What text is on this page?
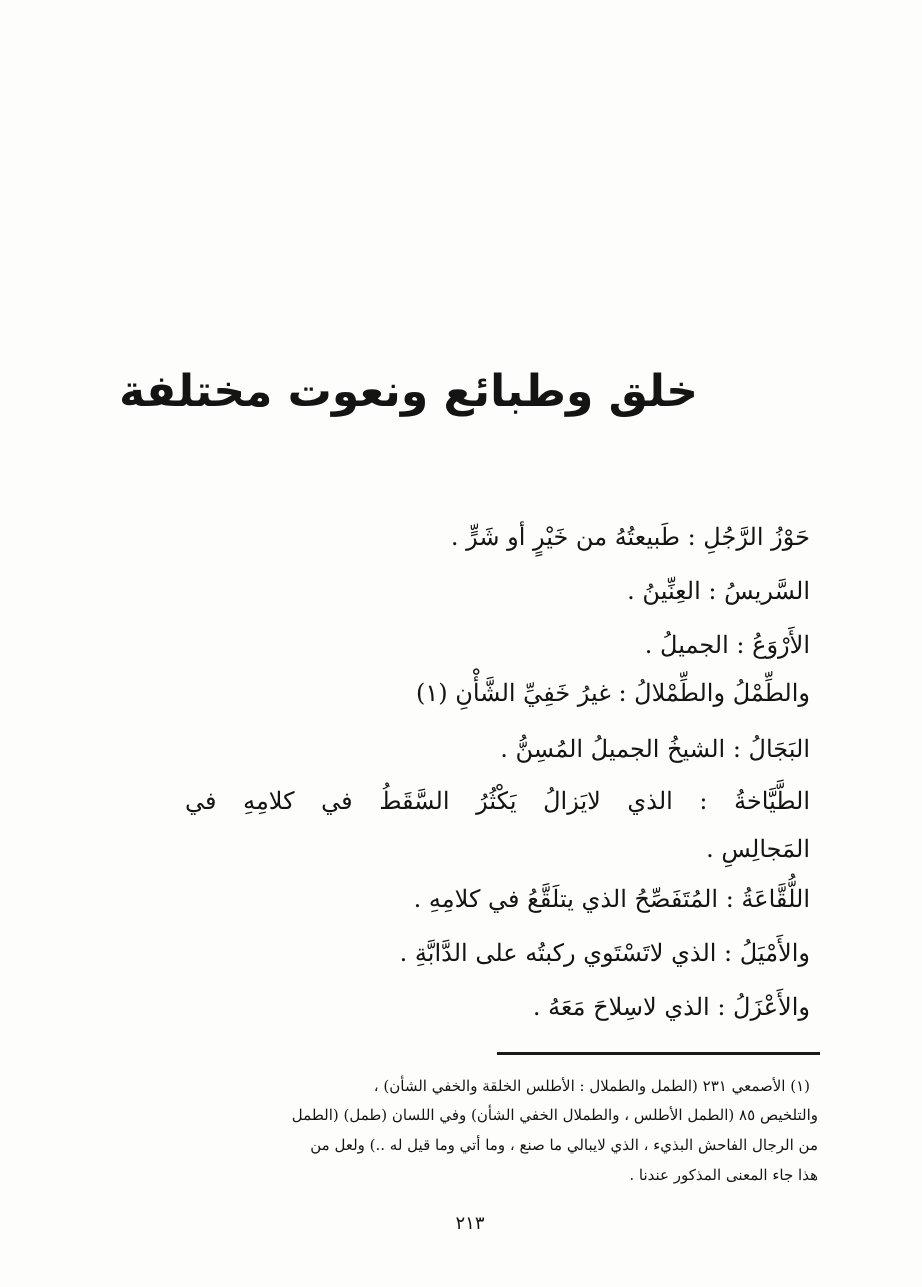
خلق وطبائع ونعوت مختلفة
حَوْزُ الرَّجُلِ : طَبيعتُهُ من خَيْرٍ أو شَرٍّ .
السَّريسُ : العِنِّينُ .
الأَرْوَعُ : الجميلُ .
والطِّمْلُ والطِّمْلالُ : غيرُ خَفِيِّ الشَّأْنِ (١)
البَجَالُ : الشيخُ الجميلُ المُسِنُّ .
الطَّيَّاخةُ : الذي لايَزالُ يَكْثُرُ السَّقَطُ في كلامِهِ في
المَجالِسِ .
اللُّقَّاعَةُ : المُتَفَصِّحُ الذي يتلَقَّعُ في كلامِهِ .
والأَمْيَلُ : الذي لاتَسْتَوي ركبتُه على الدَّابَّةِ .
والأَعْزَلُ : الذي لاسِلاحَ مَعَهُ .
(١) الأصمعي ٢٣١ (الطمل والطملال : الأطلس الخلقة والخفي الشأن) ،
والتلخيص ٨٥ (الطمل الأطلس ، والطملال الخفي الشأن) وفي اللسان (طمل) (الطمل
من الرجال الفاحش البذيء ، الذي لايبالي ما صنع ، وما أتي وما قيل له ..) ولعل من
هذا جاء المعنى المذكور عندنا .
٢١٣
